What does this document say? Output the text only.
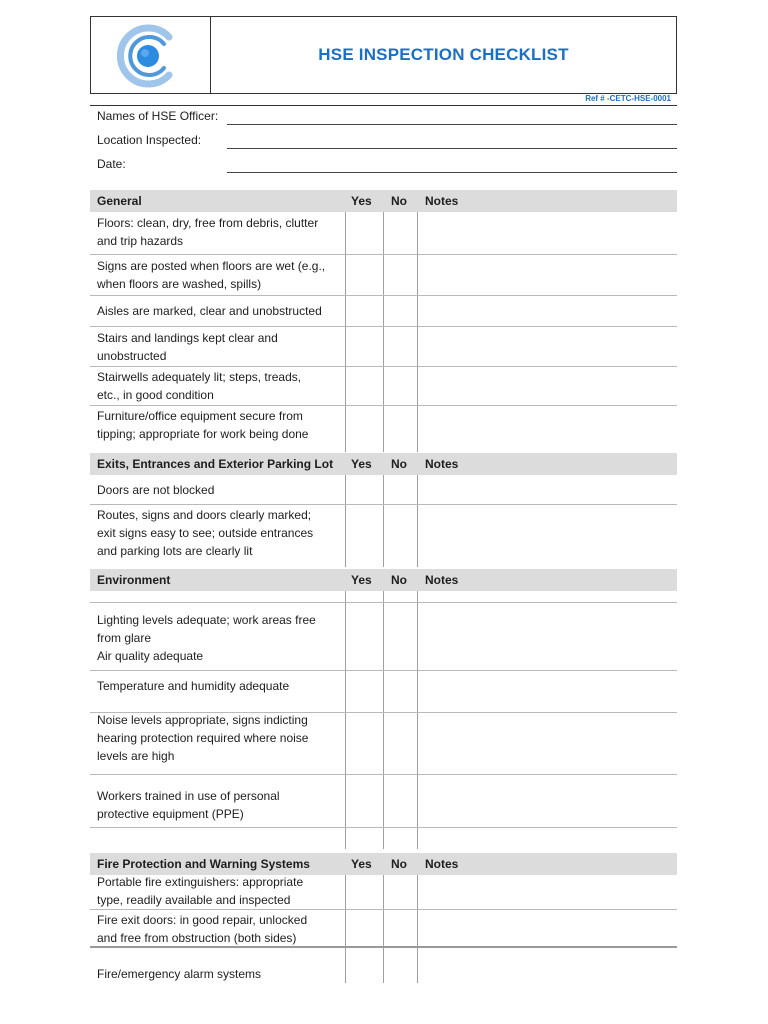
HSE INSPECTION CHECKLIST
Ref # -CETC-HSE-0001
Names of HSE Officer:
Location Inspected:
Date:
General	Yes No Notes
Floors: clean, dry, free from debris, clutter
and trip hazards
Signs are posted when floors are wet (e.g.,
when floors are washed, spills)
Aisles are marked, clear and unobstructed
Stairs and landings kept clear and
unobstructed
Stairwells adequately lit; steps, treads,
etc., in good condition
Furniture/office equipment secure from
tipping; appropriate for work being done
Exits, Entrances and Exterior Parking Lot Yes No Notes
Doors are not blocked
Routes, signs and doors clearly marked;
exit signs easy to see; outside entrances
and parking lots are clearly lit
Environment	Yes No Notes
Lighting levels adequate; work areas free
from glare
Air quality adequate
Temperature and humidity adequate
Noise levels appropriate, signs indicting
hearing protection required where noise
levels are high
Workers trained in use of personal
protective equipment (PPE)
Fire Protection and Warning Systems	Yes No Notes
Portable fire extinguishers: appropriate
type, readily available and inspected
Fire exit doors: in good repair, unlocked
and free from obstruction (both sides)
Fire/emergency alarm systems
